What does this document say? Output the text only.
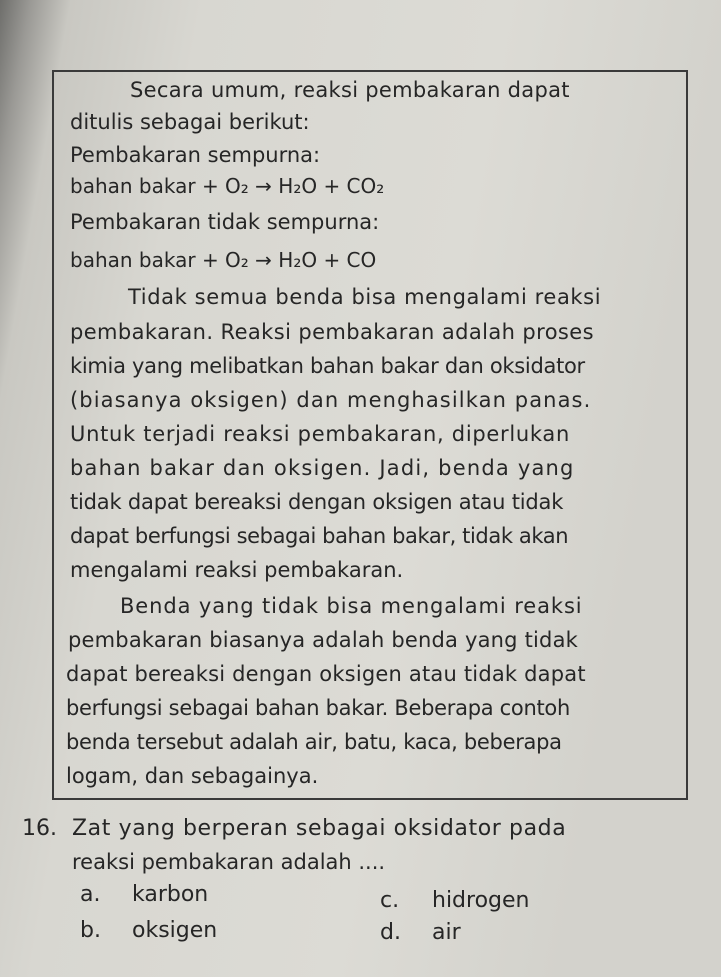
Secara umum, reaksi pembakaran dapat
ditulis sebagai berikut:
Pembakaran sempurna:
bahan bakar + O₂ → H₂O + CO₂
Pembakaran tidak sempurna:
bahan bakar + O₂ → H₂O + CO
Tidak semua benda bisa mengalami reaksi
pembakaran. Reaksi pembakaran adalah proses
kimia yang melibatkan bahan bakar dan oksidator
(biasanya oksigen) dan menghasilkan panas.
Untuk terjadi reaksi pembakaran, diperlukan
bahan bakar dan oksigen. Jadi, benda yang
tidak dapat bereaksi dengan oksigen atau tidak
dapat berfungsi sebagai bahan bakar, tidak akan
mengalami reaksi pembakaran.
Benda yang tidak bisa mengalami reaksi
pembakaran biasanya adalah benda yang tidak
dapat bereaksi dengan oksigen atau tidak dapat
berfungsi sebagai bahan bakar. Beberapa contoh
benda tersebut adalah air, batu, kaca, beberapa
logam, dan sebagainya.
16. Zat yang berperan sebagai oksidator pada
reaksi pembakaran adalah ....
a. karbon	c. hidrogen
b. oksigen	d. air
